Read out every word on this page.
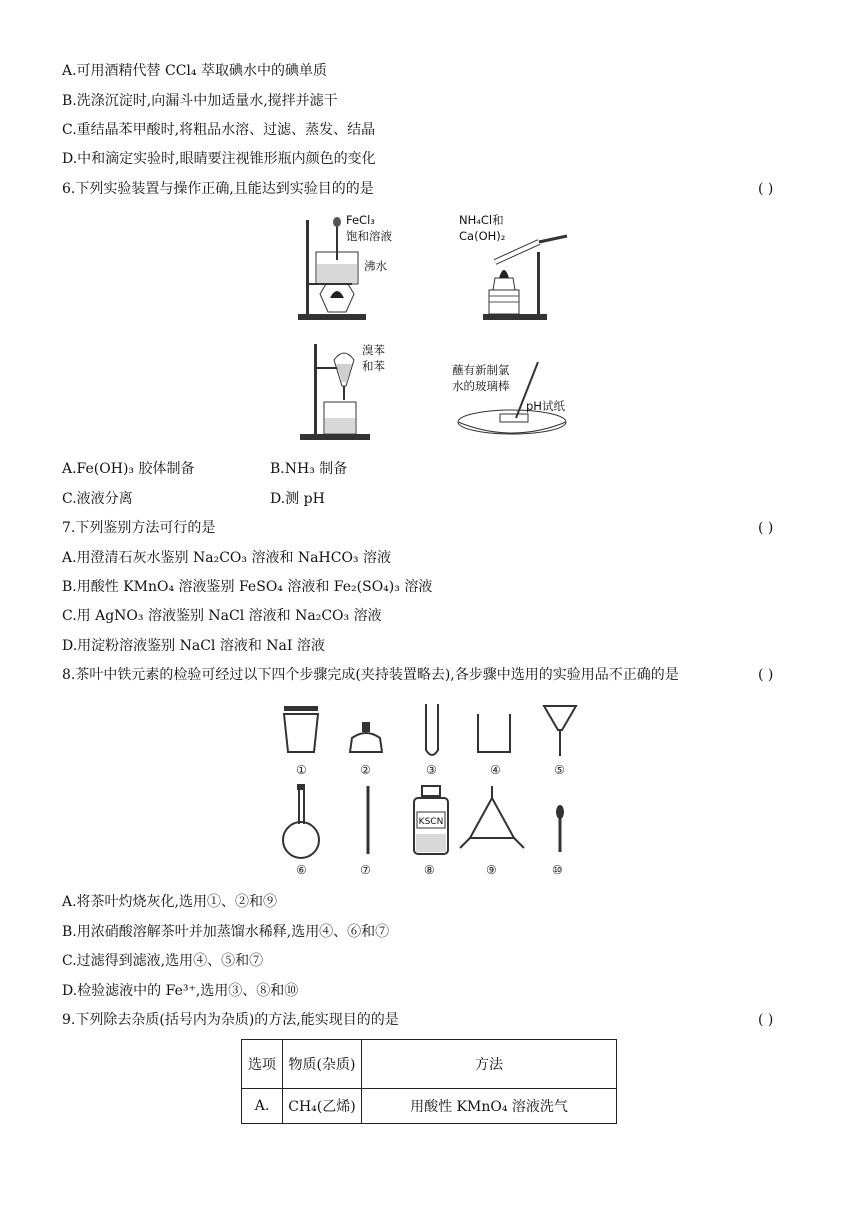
A.可用酒精代替 CCl₄ 萃取碘水中的碘单质
B.洗涤沉淀时,向漏斗中加适量水,搅拌并滤干
C.重结晶苯甲酸时,将粗品水溶、过滤、蒸发、结晶
D.中和滴定实验时,眼睛要注视锥形瓶内颜色的变化
6.下列实验装置与操作正确,且能达到实验目的的是	( )
FeCl₃
饱和溶液
沸水
NH₄Cl和
Ca(OH)₂
溴苯
和苯	蘸有新制氯
水的玻璃棒
pH试纸
A.Fe(OH)₃ 胶体制备	B.NH₃ 制备
C.液液分离	D.测 pH
7.下列鉴别方法可行的是	( )
A.用澄清石灰水鉴别 Na₂CO₃ 溶液和 NaHCO₃ 溶液
B.用酸性 KMnO₄ 溶液鉴别 FeSO₄ 溶液和 Fe₂(SO₄)₃ 溶液
C.用 AgNO₃ 溶液鉴别 NaCl 溶液和 Na₂CO₃ 溶液
D.用淀粉溶液鉴别 NaCl 溶液和 NaI 溶液
8.茶叶中铁元素的检验可经过以下四个步骤完成(夹持装置略去),各步骤中选用的实验用品不正确的是	( )
①	②	③	④	⑤
⑥	⑦
KSCN
⑧	⑨	⑩
A.将茶叶灼烧灰化,选用①、②和⑨
B.用浓硝酸溶解茶叶并加蒸馏水稀释,选用④、⑥和⑦
C.过滤得到滤液,选用④、⑤和⑦
D.检验滤液中的 Fe³⁺,选用③、⑧和⑩
9.下列除去杂质(括号内为杂质)的方法,能实现目的的是	( )
选项	物质(杂质)	方法
A.	CH₄(乙烯)	用酸性 KMnO₄ 溶液洗气
